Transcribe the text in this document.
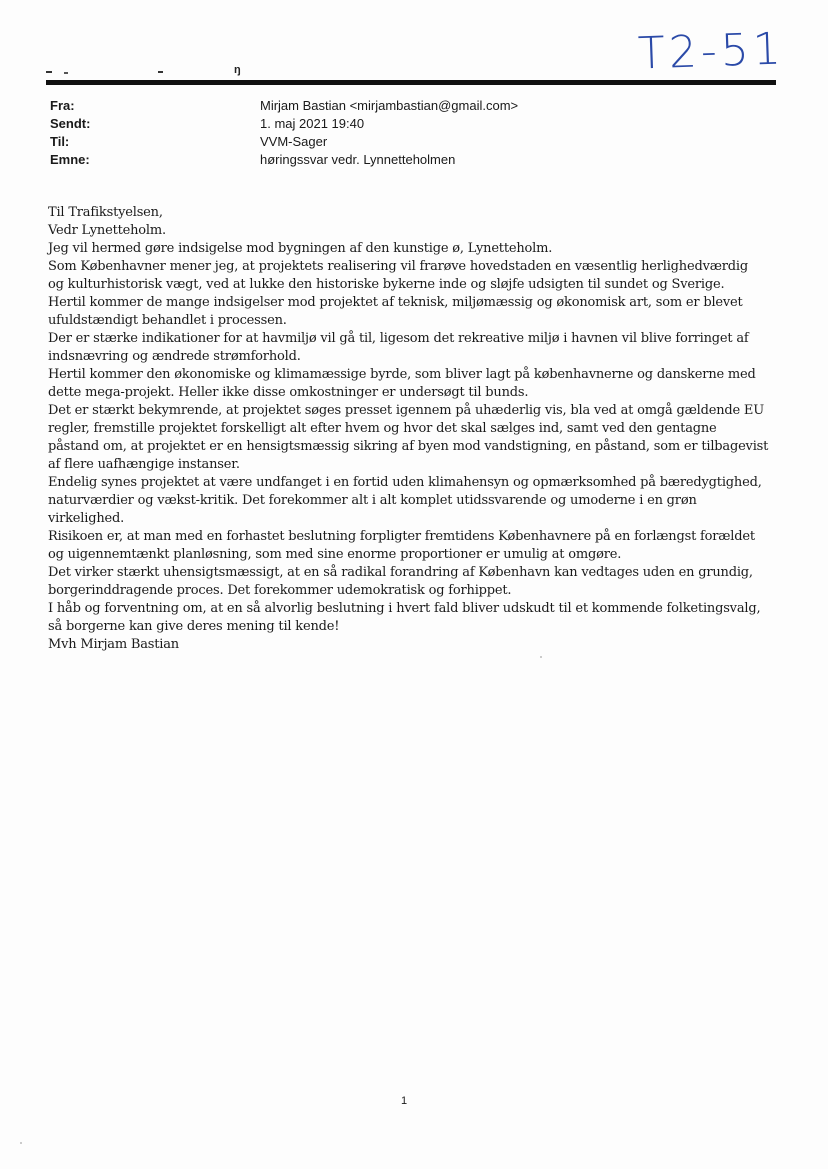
T2-51
ŋ
Fra:	Mirjam Bastian <mirjambastian@gmail.com>
Sendt:	1. maj 2021 19:40
Til:	VVM-Sager
Emne:	høringssvar vedr. Lynnetteholmen

Til Trafikstyelsen,

Vedr Lynetteholm.

Jeg vil hermed gøre indsigelse mod bygningen af den kunstige ø, Lynetteholm.

Som Københavner mener jeg, at projektets realisering vil frarøve hovedstaden en væsentlig herlighedværdig

og kulturhistorisk vægt, ved at lukke den historiske bykerne inde og sløjfe udsigten til sundet og Sverige.

Hertil kommer de mange indsigelser mod projektet af teknisk, miljømæssig og økonomisk art, som er blevet

ufuldstændigt behandlet i processen.

Der er stærke indikationer for at havmiljø vil gå til, ligesom det rekreative miljø i havnen vil blive forringet af

indsnævring og ændrede strømforhold.

Hertil kommer den økonomiske og klimamæssige byrde, som bliver lagt på københavnerne og danskerne med

dette mega-projekt. Heller ikke disse omkostninger er undersøgt til bunds.

Det er stærkt bekymrende, at projektet søges presset igennem på uhæderlig vis, bla ved at omgå gældende EU

regler, fremstille projektet forskelligt alt efter hvem og hvor det skal sælges ind, samt ved den gentagne

påstand om, at projektet er en hensigtsmæssig sikring af byen mod vandstigning, en påstand, som er tilbagevist

af flere uafhængige instanser.

Endelig synes projektet at være undfanget i en fortid uden klimahensyn og opmærksomhed på bæredygtighed,

naturværdier og vækst-kritik. Det forekommer alt i alt komplet utidssvarende og umoderne i en grøn

virkelighed.

Risikoen er, at man med en forhastet beslutning forpligter fremtidens Københavnere på en forlængst forældet

og uigennemtænkt planløsning, som med sine enorme proportioner er umulig at omgøre.

Det virker stærkt uhensigtsmæssigt, at en så radikal forandring af København kan vedtages uden en grundig,

borgerinddragende proces. Det forekommer udemokratisk og forhippet.

I håb og forventning om, at en så alvorlig beslutning i hvert fald bliver udskudt til et kommende folketingsvalg,

så borgerne kan give deres mening til kende!

Mvh Mirjam Bastian

1
